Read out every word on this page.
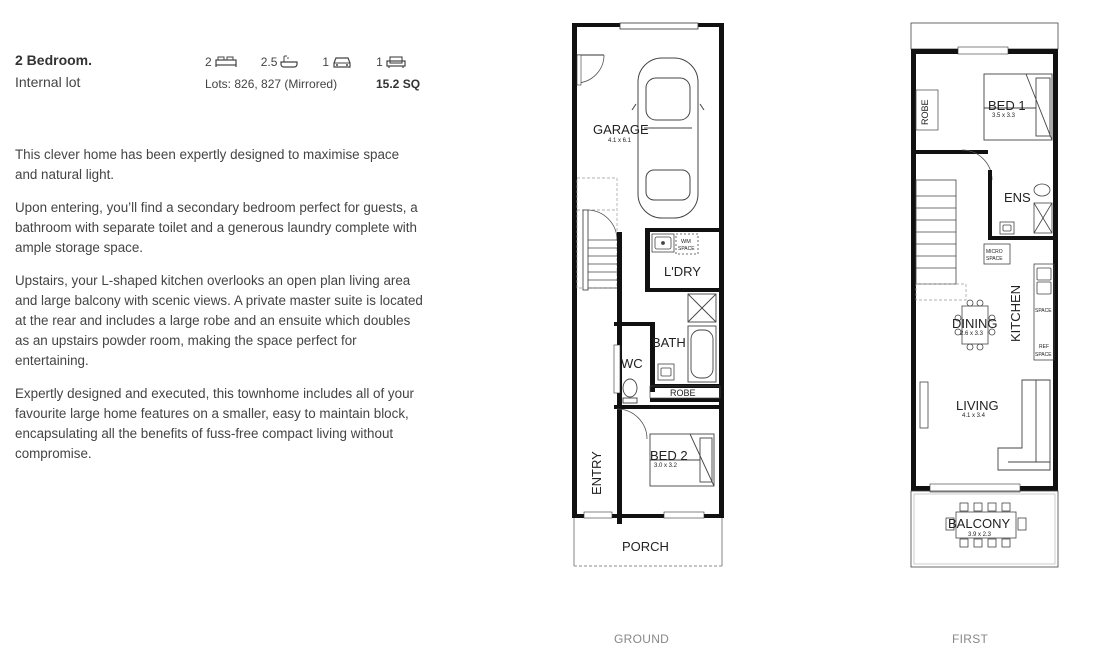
2 Bedroom.
Internal lot
2	2.5	1	1
Lots: 826, 827 (Mirrored)	15.2 SQ

This clever home has been expertly designed to maximise space and natural light.

Upon entering, you’ll find a secondary bedroom perfect for guests, a bathroom with separate toilet and a generous laundry complete with ample storage space.

Upstairs, your L-shaped kitchen overlooks an open plan living area and large balcony with scenic views. A private master suite is located at the rear and includes a large robe and an ensuite which doubles as an upstairs powder room, making the space perfect for entertaining.

Expertly designed and executed, this townhome includes all of your favourite large home features on a smaller, easy to maintain block, encapsulating all the benefits of fuss-free compact living without compromise.

GARAGE
4.1 x 6.1
WM
SPACE
L'DRY
BATH
WC
ROBE
BED 2
3.0 x 3.2
ENTRY
PORCH
ROBE	BED 1
3.5 x 3.3
ENS
MICRO
SPACE
SPACE
REF
SPACE
KITCHEN
DINING
2.6 x 3.3
LIVING
4.1 x 3.4
BALCONY
3.9 x 2.3
GROUND	FIRST
